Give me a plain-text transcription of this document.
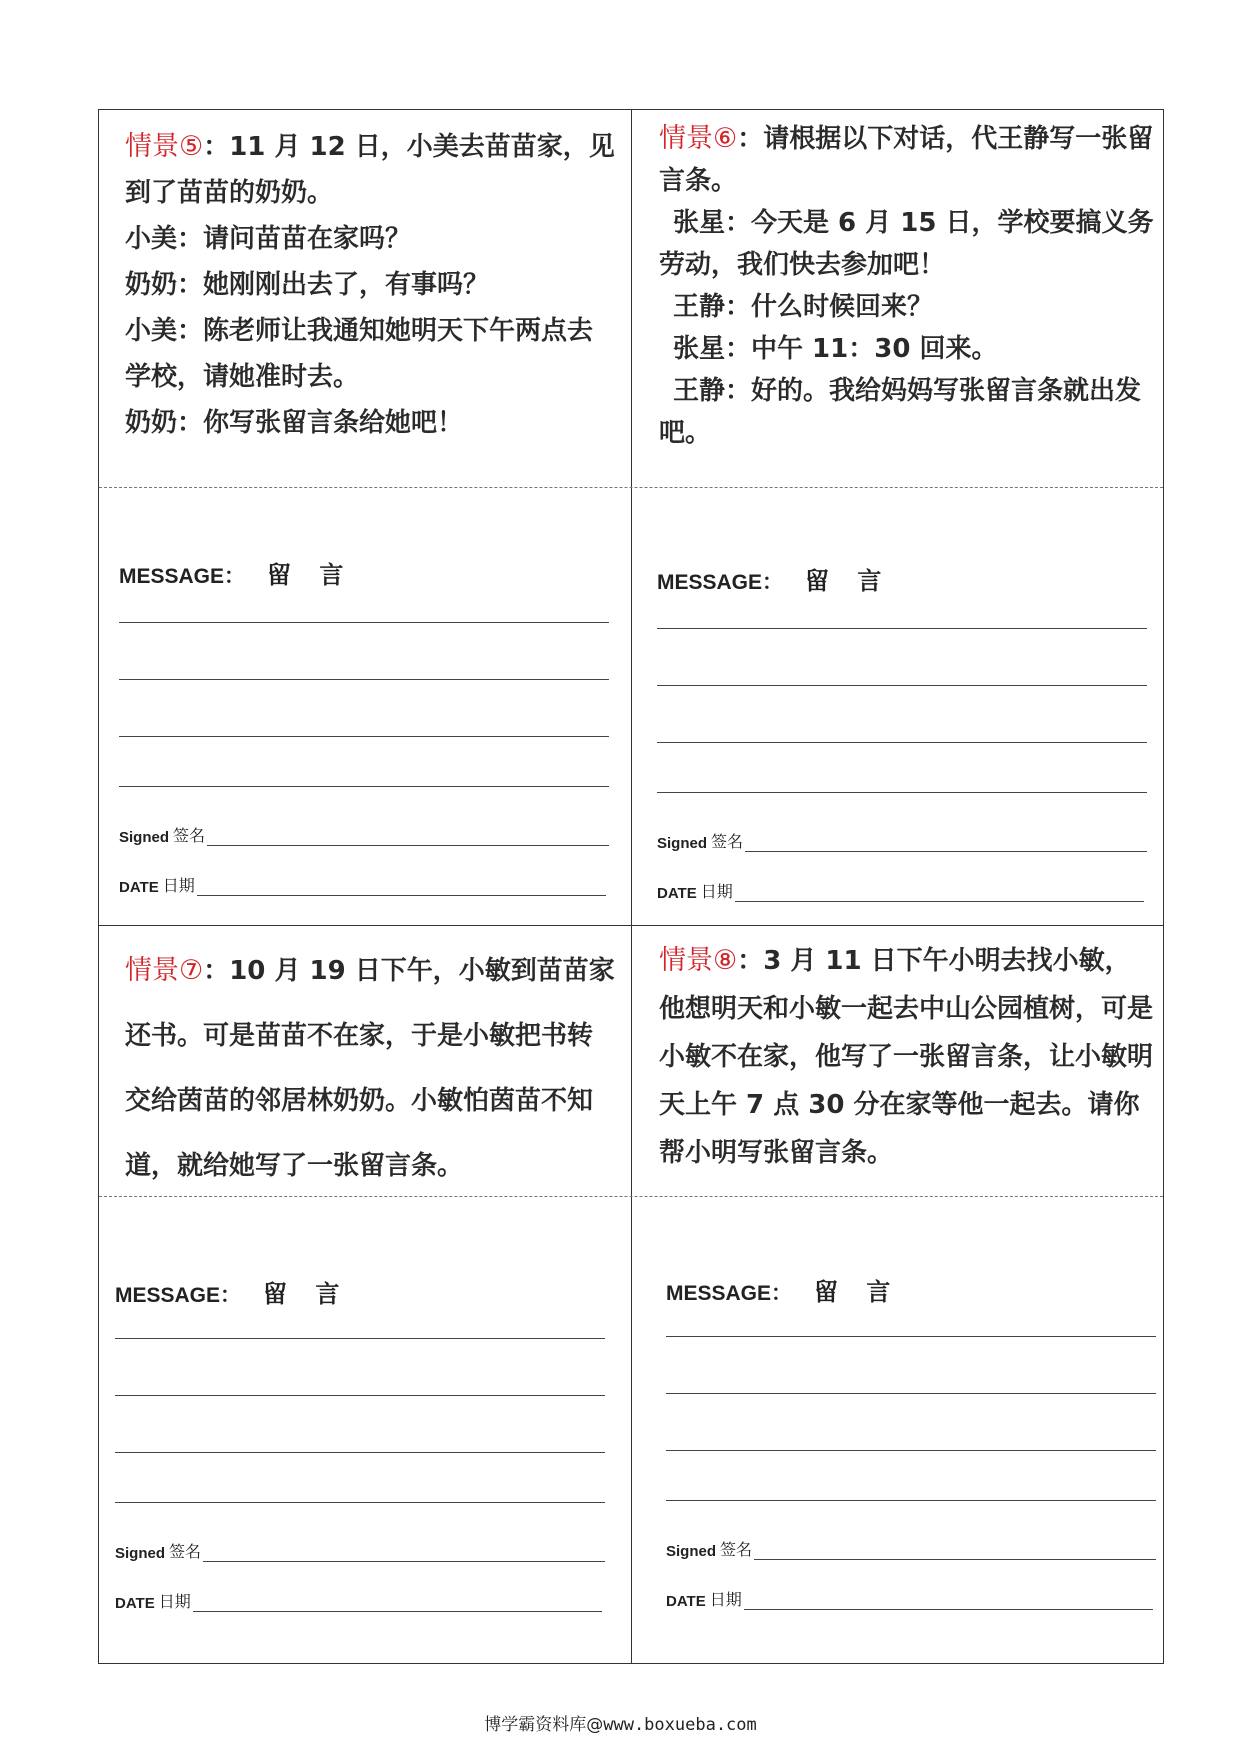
情景⑤：11 月 12 日，小美去苗苗家，见到了苗苗的奶奶。

小美：请问苗苗在家吗？

奶奶：她刚刚出去了，有事吗？

小美：陈老师让我通知她明天下午两点去学校，请她准时去。

奶奶：你写张留言条给她吧！

情景⑥：请根据以下对话，代王静写一张留言条。

张星：今天是 6 月 15 日，学校要搞义务劳动，我们快去参加吧！

王静：什么时候回来？

张星：中午 11：30 回来。

王静：好的。我给妈妈写张留言条就出发吧。

情景⑦：10 月 19 日下午，小敏到苗苗家还书。可是苗苗不在家，于是小敏把书转交给茵苗的邻居林奶奶。小敏怕茵苗不知道，就给她写了一张留言条。

情景⑧：3 月 11 日下午小明去找小敏，他想明天和小敏一起去中山公园植树，可是小敏不在家，他写了一张留言条，让小敏明天上午 7 点 30 分在家等他一起去。请你帮小明写张留言条。

MESSAGE： 留 言
Signed 签名
DATE 日期
MESSAGE： 留 言
Signed 签名
DATE 日期
MESSAGE： 留 言
Signed 签名
DATE 日期
MESSAGE： 留 言
Signed 签名
DATE 日期
博学霸资料库@www.boxueba.com
